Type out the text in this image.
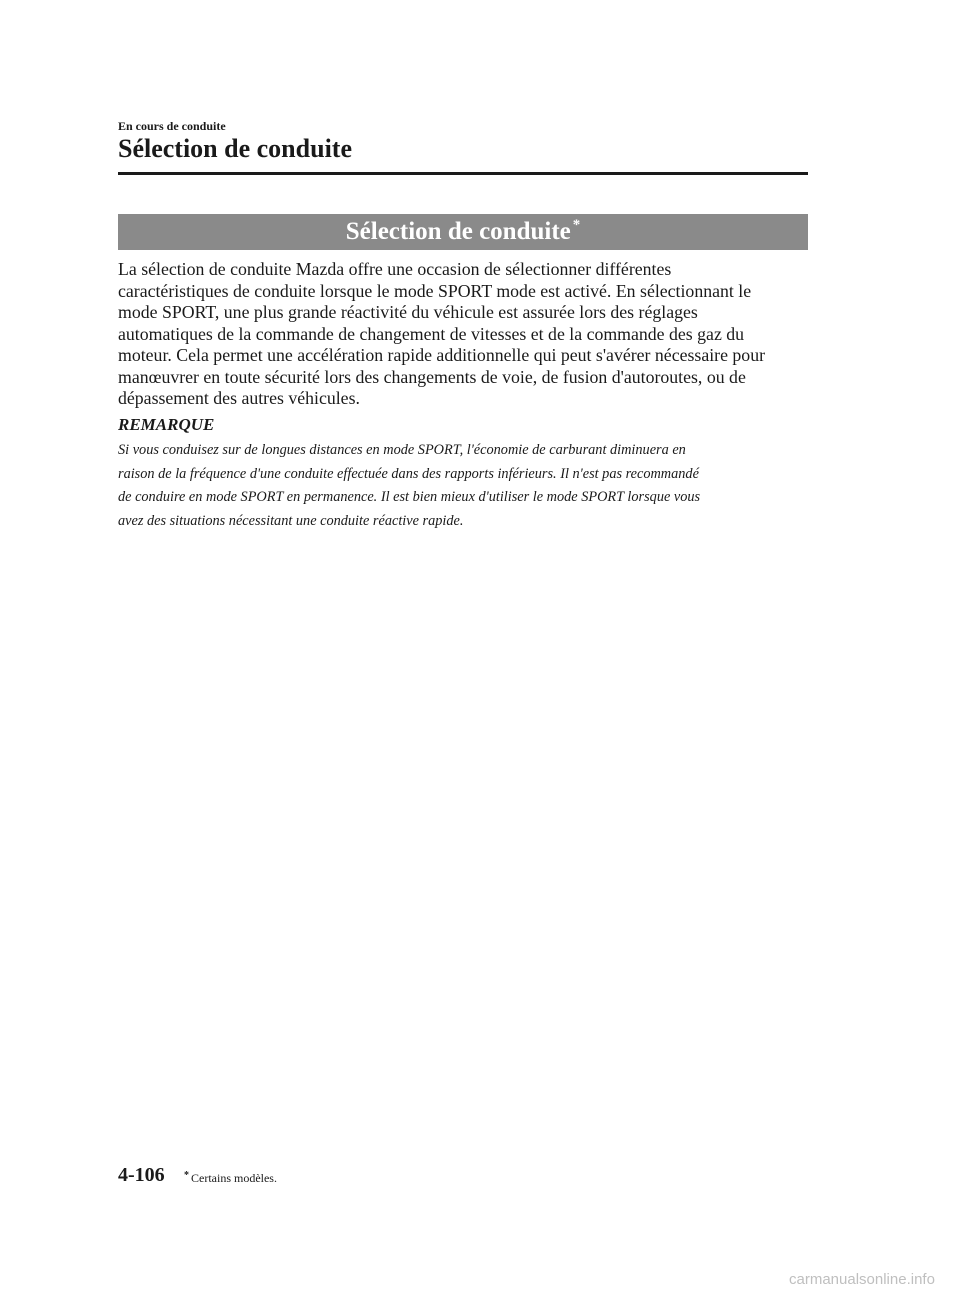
En cours de conduite

Sélection de conduite
Sélection de conduite *

La sélection de conduite Mazda offre une occasion de sélectionner différentes
caractéristiques de conduite lorsque le mode SPORT mode est activé. En sélectionnant le
mode SPORT, une plus grande réactivité du véhicule est assurée lors des réglages
automatiques de la commande de changement de vitesses et de la commande des gaz du
moteur. Cela permet une accélération rapide additionnelle qui peut s'avérer nécessaire pour
manœuvrer en toute sécurité lors des changements de voie, de fusion d'autoroutes, ou de
dépassement des autres véhicules.

REMARQUE

Si vous conduisez sur de longues distances en mode SPORT, l'économie de carburant diminuera en
raison de la fréquence d'une conduite effectuée dans des rapports inférieurs. Il n'est pas recommandé
de conduire en mode SPORT en permanence. Il est bien mieux d'utiliser le mode SPORT lorsque vous
avez des situations nécessitant une conduite réactive rapide.

4-106 * Certains modèles.

carmanualsonline.info
